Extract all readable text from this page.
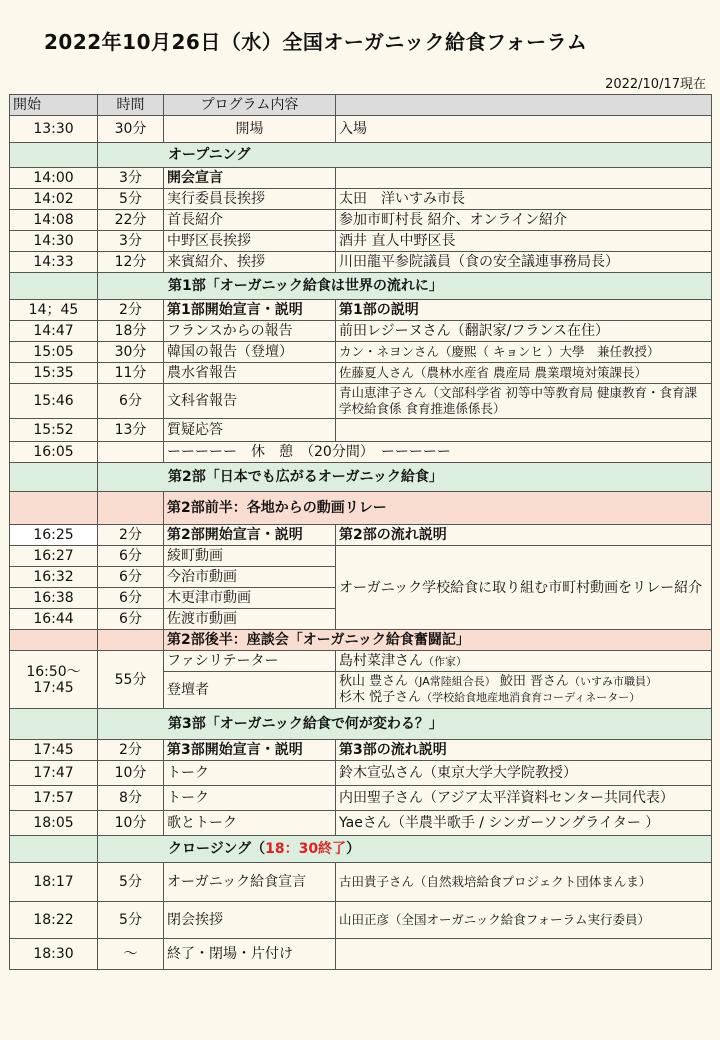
2022年10月26日（水）全国オーガニック給食フォーラム
2022/10/17現在
開始	時間	プログラム内容	
13:30	30分	開場	入場
	オープニング		
14:00	3分	開会宣言	
14:02	5分	実行委員長挨拶	太田　洋いすみ市長
14:08	22分	首長紹介	参加市町村長 紹介、オンライン紹介
14:30	3分	中野区長挨拶	酒井 直人中野区長
14:33	12分	来賓紹介、挨拶	川田龍平参院議員（食の安全議連事務局長）
	第1部「オーガニック給食は世界の流れに」		
14；45	2分	第1部開始宣言・説明	第1部の説明
14:47	18分	フランスからの報告	前田レジーヌさん（翻訳家/フランス在住）
15:05	30分	韓国の報告（登壇）	カン・ネヨンさん（慶熙（ キョンヒ ）大學　兼任教授）
15:35	11分	農水省報告	佐藤夏人さん（農林水産省 農産局 農業環境対策課長）
15:46	6分	文科省報告	青山恵津子さん（文部科学省 初等中等教育局 健康教育・食育課 学校給食係 食育推進係係長）
15:52	13分	質疑応答	
16:05		ーーーーー　休　憩　（20分間）　ーーーーー	
	第2部「日本でも広がるオーガニック給食」		
		第2部前半：各地からの動画リレー	
16:25	2分	第2部開始宣言・説明	第2部の流れ説明
16:27	6分	綾町動画	オーガニック学校給食に取り組む市町村動画をリレー紹介
16:32	6分	今治市動画	
16:38	6分	木更津市動画	
16:44	6分	佐渡市動画	
		第2部後半：座談会「オーガニック給食奮闘記」	
16:50～17:45	55分	ファシリテーター	島村菜津さん（作家）
		登壇者	秋山 豊さん（JA常陸組合長） 鮫田 晋さん（いすみ市職員）
杉木 悦子さん（学校給食地産地消食育コーディネーター）
	第3部「オーガニック給食で何が変わる？」		
17:45	2分	第3部開始宣言・説明	第3部の流れ説明
17:47	10分	トーク	鈴木宣弘さん（東京大学大学院教授）
17:57	8分	トーク	内田聖子さん（アジア太平洋資料センター共同代表）
18:05	10分	歌とトーク	Yaeさん（半農半歌手 / シンガーソングライター ）
	クロージング（18：30終了）		
18:17	5分	オーガニック給食宣言	古田貴子さん（自然栽培給食プロジェクト団体まんま）
18:22	5分	閉会挨拶	山田正彦（全国オーガニック給食フォーラム実行委員）
18:30	～	終了・閉場・片付け	
